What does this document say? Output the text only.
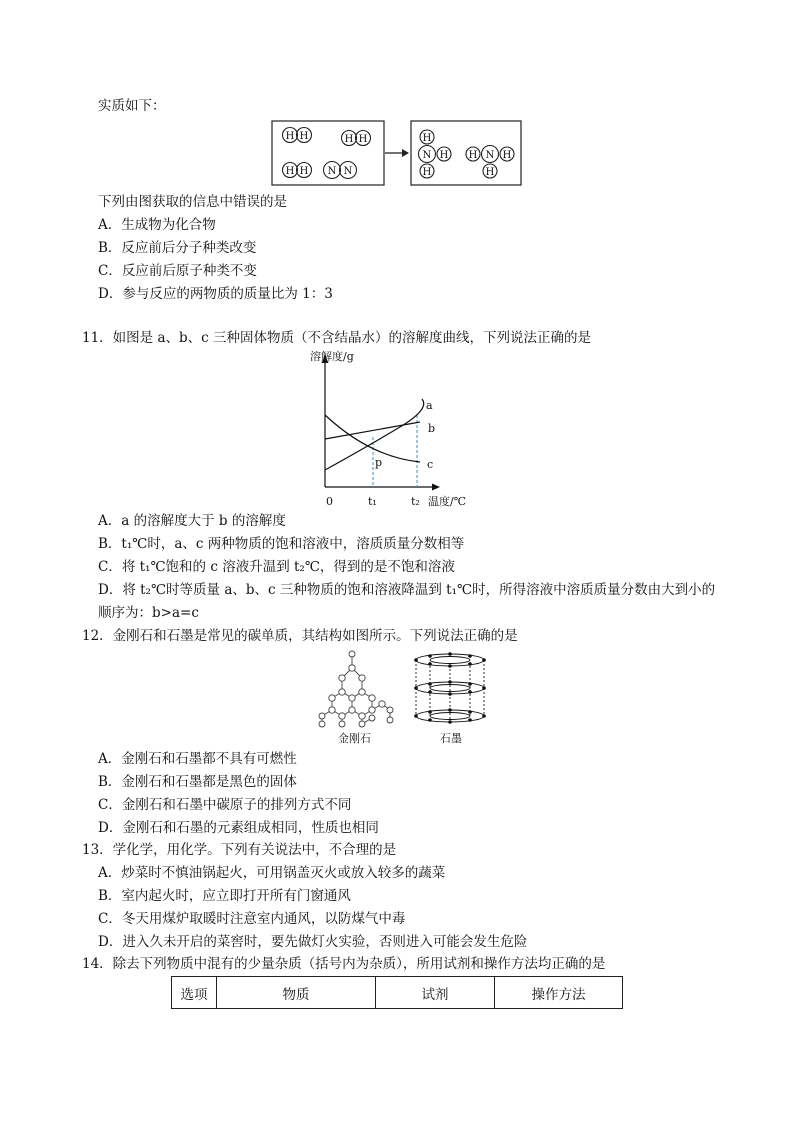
实质如下：
H H	H H
H H N N
H
N H
H
H N H
H
下列由图获取的信息中错误的是
A．生成物为化合物
B．反应前后分子种类改变
C．反应前后原子种类不变
D．参与反应的两物质的质量比为 1：3
11．如图是 a、b、c 三种固体物质（不含结晶水）的溶解度曲线，下列说法正确的是
溶解度/g
a
b
c
p
0	t₁	t₂ 温度/℃
A．a 的溶解度大于 b 的溶解度
B．t₁℃时，a、c 两种物质的饱和溶液中，溶质质量分数相等
C．将 t₁℃饱和的 c 溶液升温到 t₂℃，得到的是不饱和溶液
D．将 t₂℃时等质量 a、b、c 三种物质的饱和溶液降温到 t₁℃时，所得溶液中溶质质量分数由大到小的
顺序为：b>a=c
12．金刚石和石墨是常见的碳单质，其结构如图所示。下列说法正确的是
金刚石	石墨
A．金刚石和石墨都不具有可燃性
B．金刚石和石墨都是黑色的固体
C．金刚石和石墨中碳原子的排列方式不同
D．金刚石和石墨的元素组成相同，性质也相同
13．学化学，用化学。下列有关说法中，不合理的是
A．炒菜时不慎油锅起火，可用锅盖灭火或放入较多的蔬菜
B．室内起火时，应立即打开所有门窗通风
C．冬天用煤炉取暖时注意室内通风，以防煤气中毒
D．进入久未开启的菜窖时，要先做灯火实验，否则进入可能会发生危险
14．除去下列物质中混有的少量杂质（括号内为杂质），所用试剂和操作方法均正确的是
选项	物质	试剂	操作方法
